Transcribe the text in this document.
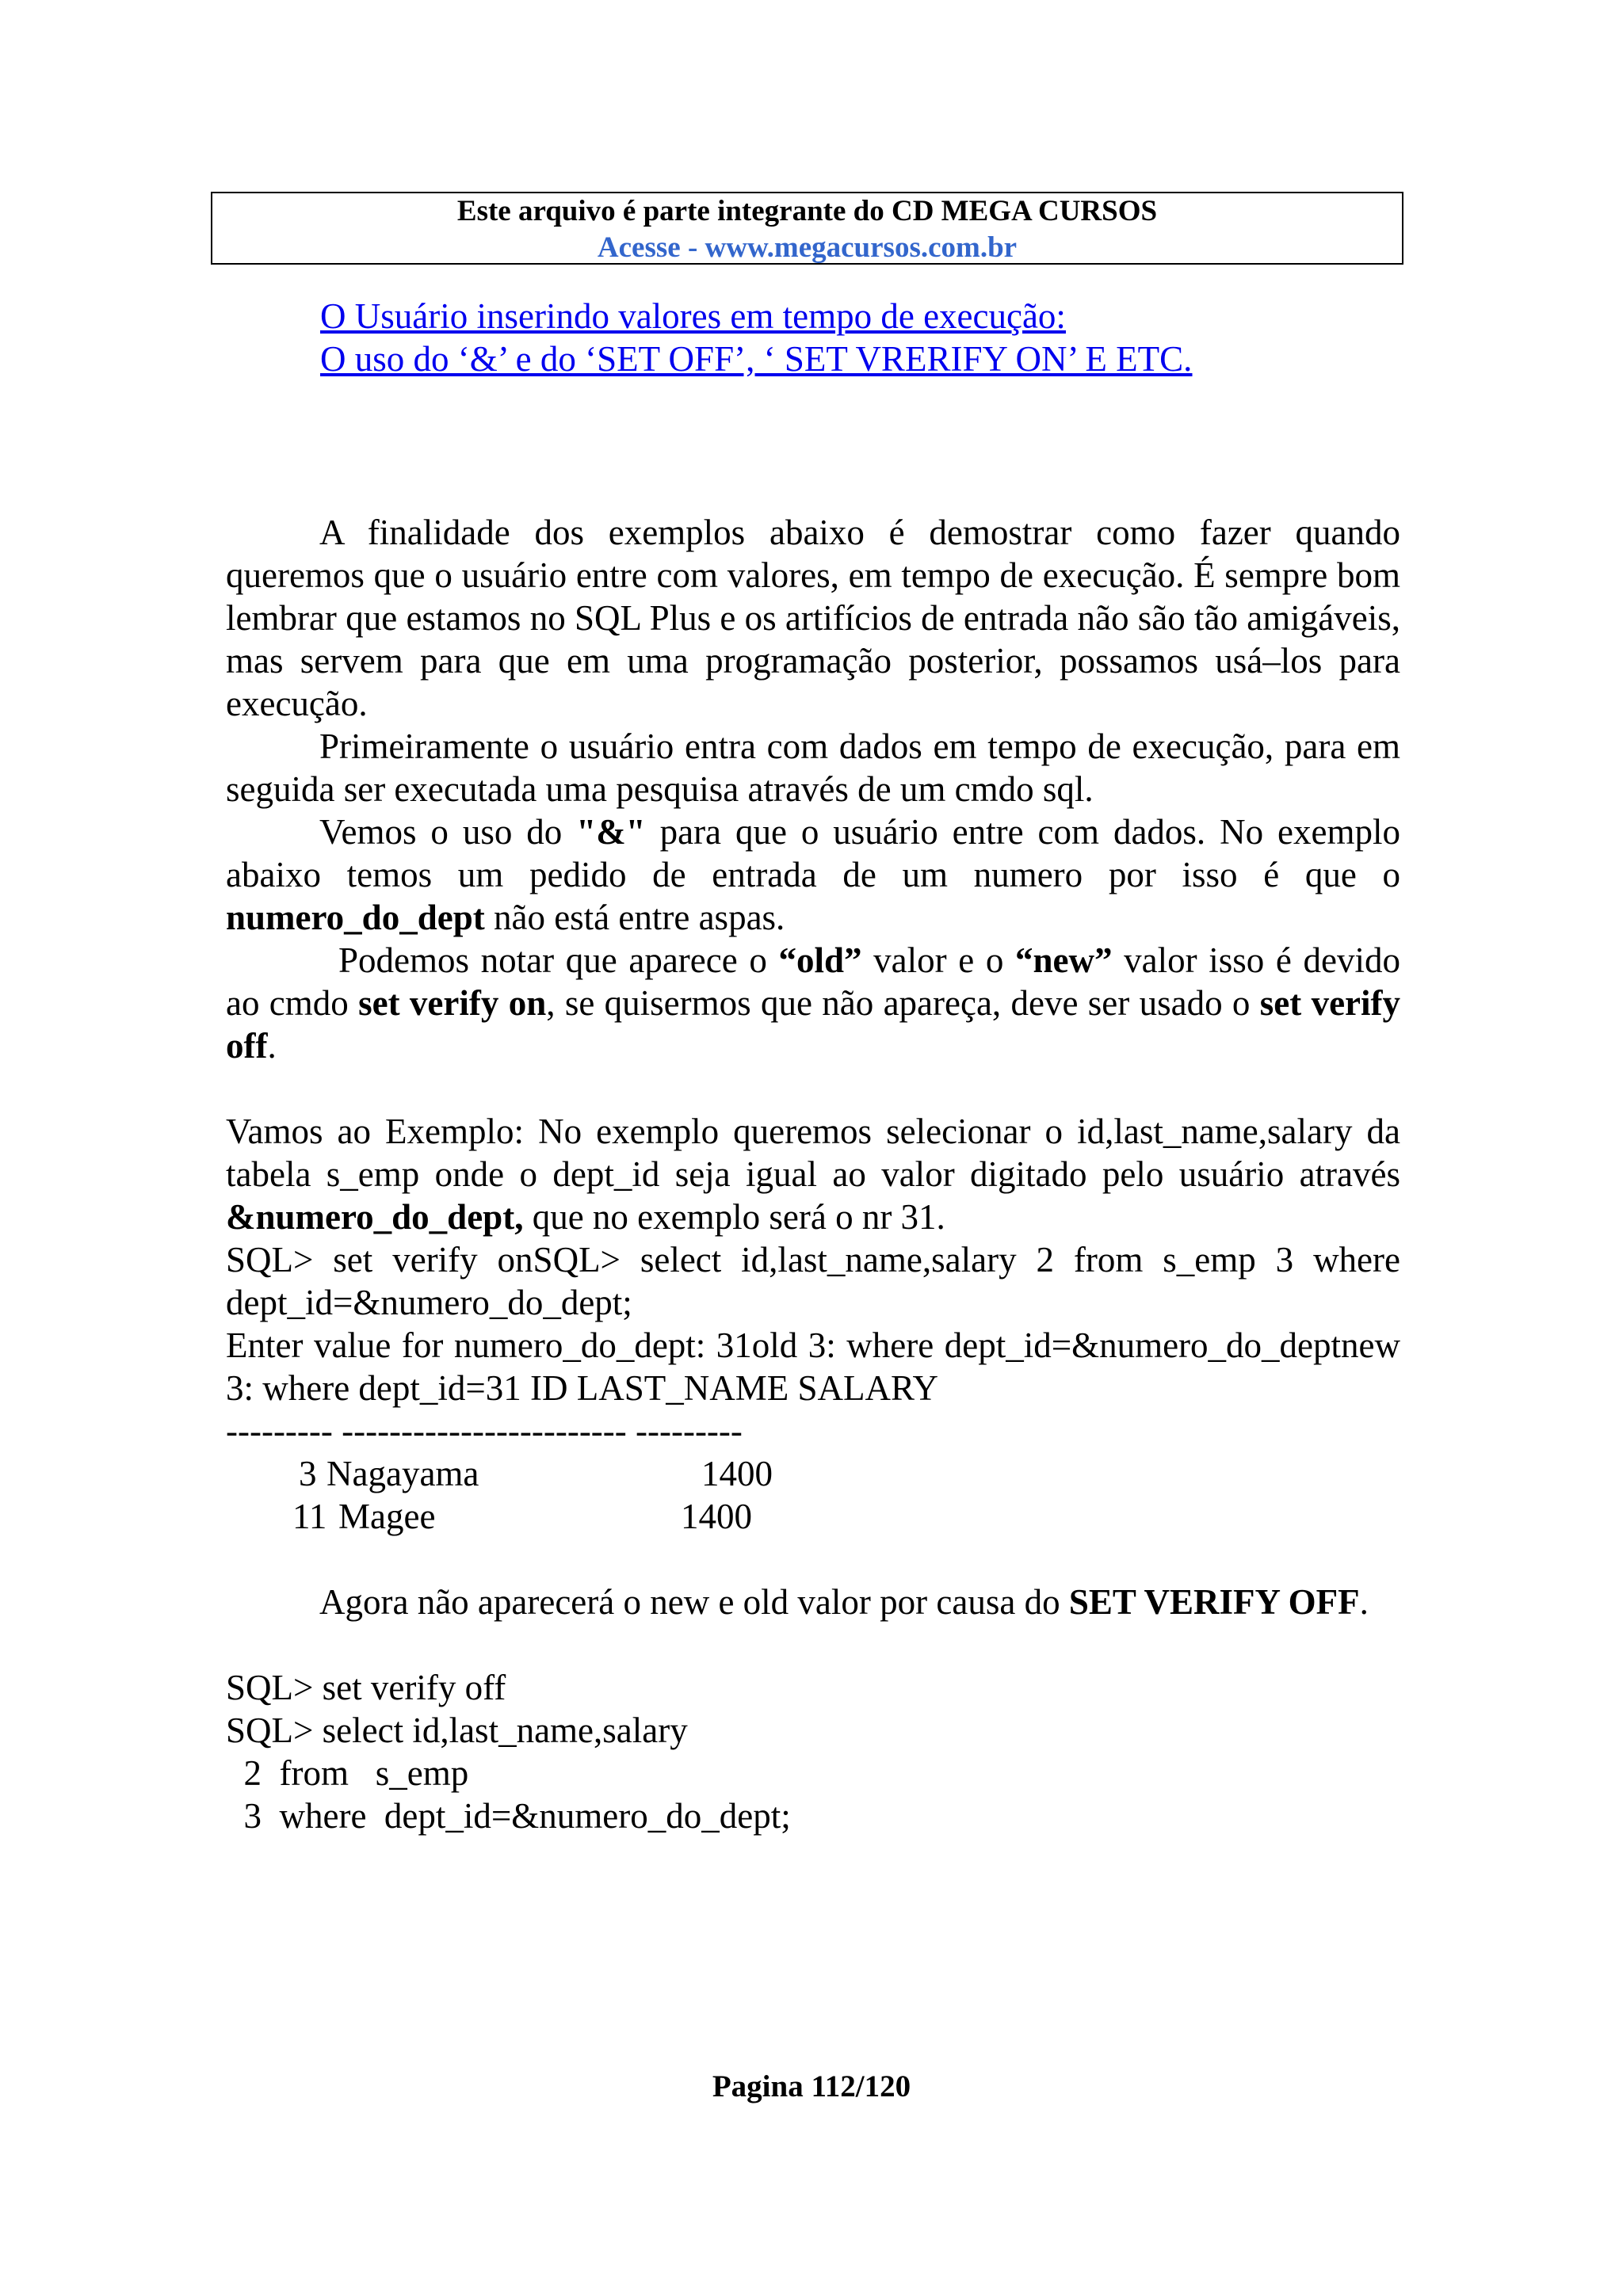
Este arquivo é parte integrante do CD MEGA CURSOS
Acesse - www.megacursos.com.br
O Usuário inserindo valores em tempo de execução:
O uso do ‘&’ e do ‘SET OFF’, ‘ SET VRERIFY ON’ E ETC.
A finalidade dos exemplos abaixo é demostrar como fazer quando queremos que o usuário entre com valores, em tempo de execução. É sempre bom lembrar que estamos no SQL Plus e os artifícios de entrada não são tão amigáveis, mas servem para que em uma programação posterior, possamos usá–los para execução.
Primeiramente o usuário entra com dados em tempo de execução, para em seguida ser executada uma pesquisa através de um cmdo sql.
Vemos o uso do "&" para que o usuário entre com dados. No exemplo abaixo temos um pedido de entrada de um numero por isso é que o numero_do_dept não está entre aspas.
Podemos notar que aparece o “old” valor e o “new” valor isso é devido ao cmdo set verify on, se quisermos que não apareça, deve ser usado o set verify off.
Vamos ao Exemplo: No exemplo queremos selecionar o id,last_name,salary da tabela s_emp onde o dept_id seja igual ao valor digitado pelo usuário através &numero_do_dept, que no exemplo será o nr 31.
SQL> set verify onSQL> select id,last_name,salary 2 from s_emp 3 where dept_id=&numero_do_dept;
Enter value for numero_do_dept: 31old 3: where dept_id=&numero_do_deptnew 3: where dept_id=31 ID LAST_NAME SALARY
--------- ------------------------ ---------
3 Nagayama	1400
11 Magee	1400
Agora não aparecerá o new e old valor por causa do SET VERIFY OFF.
SQL> set verify off
SQL> select id,last_name,salary
2  from   s_emp
3  where  dept_id=&numero_do_dept;
Pagina 112/120
